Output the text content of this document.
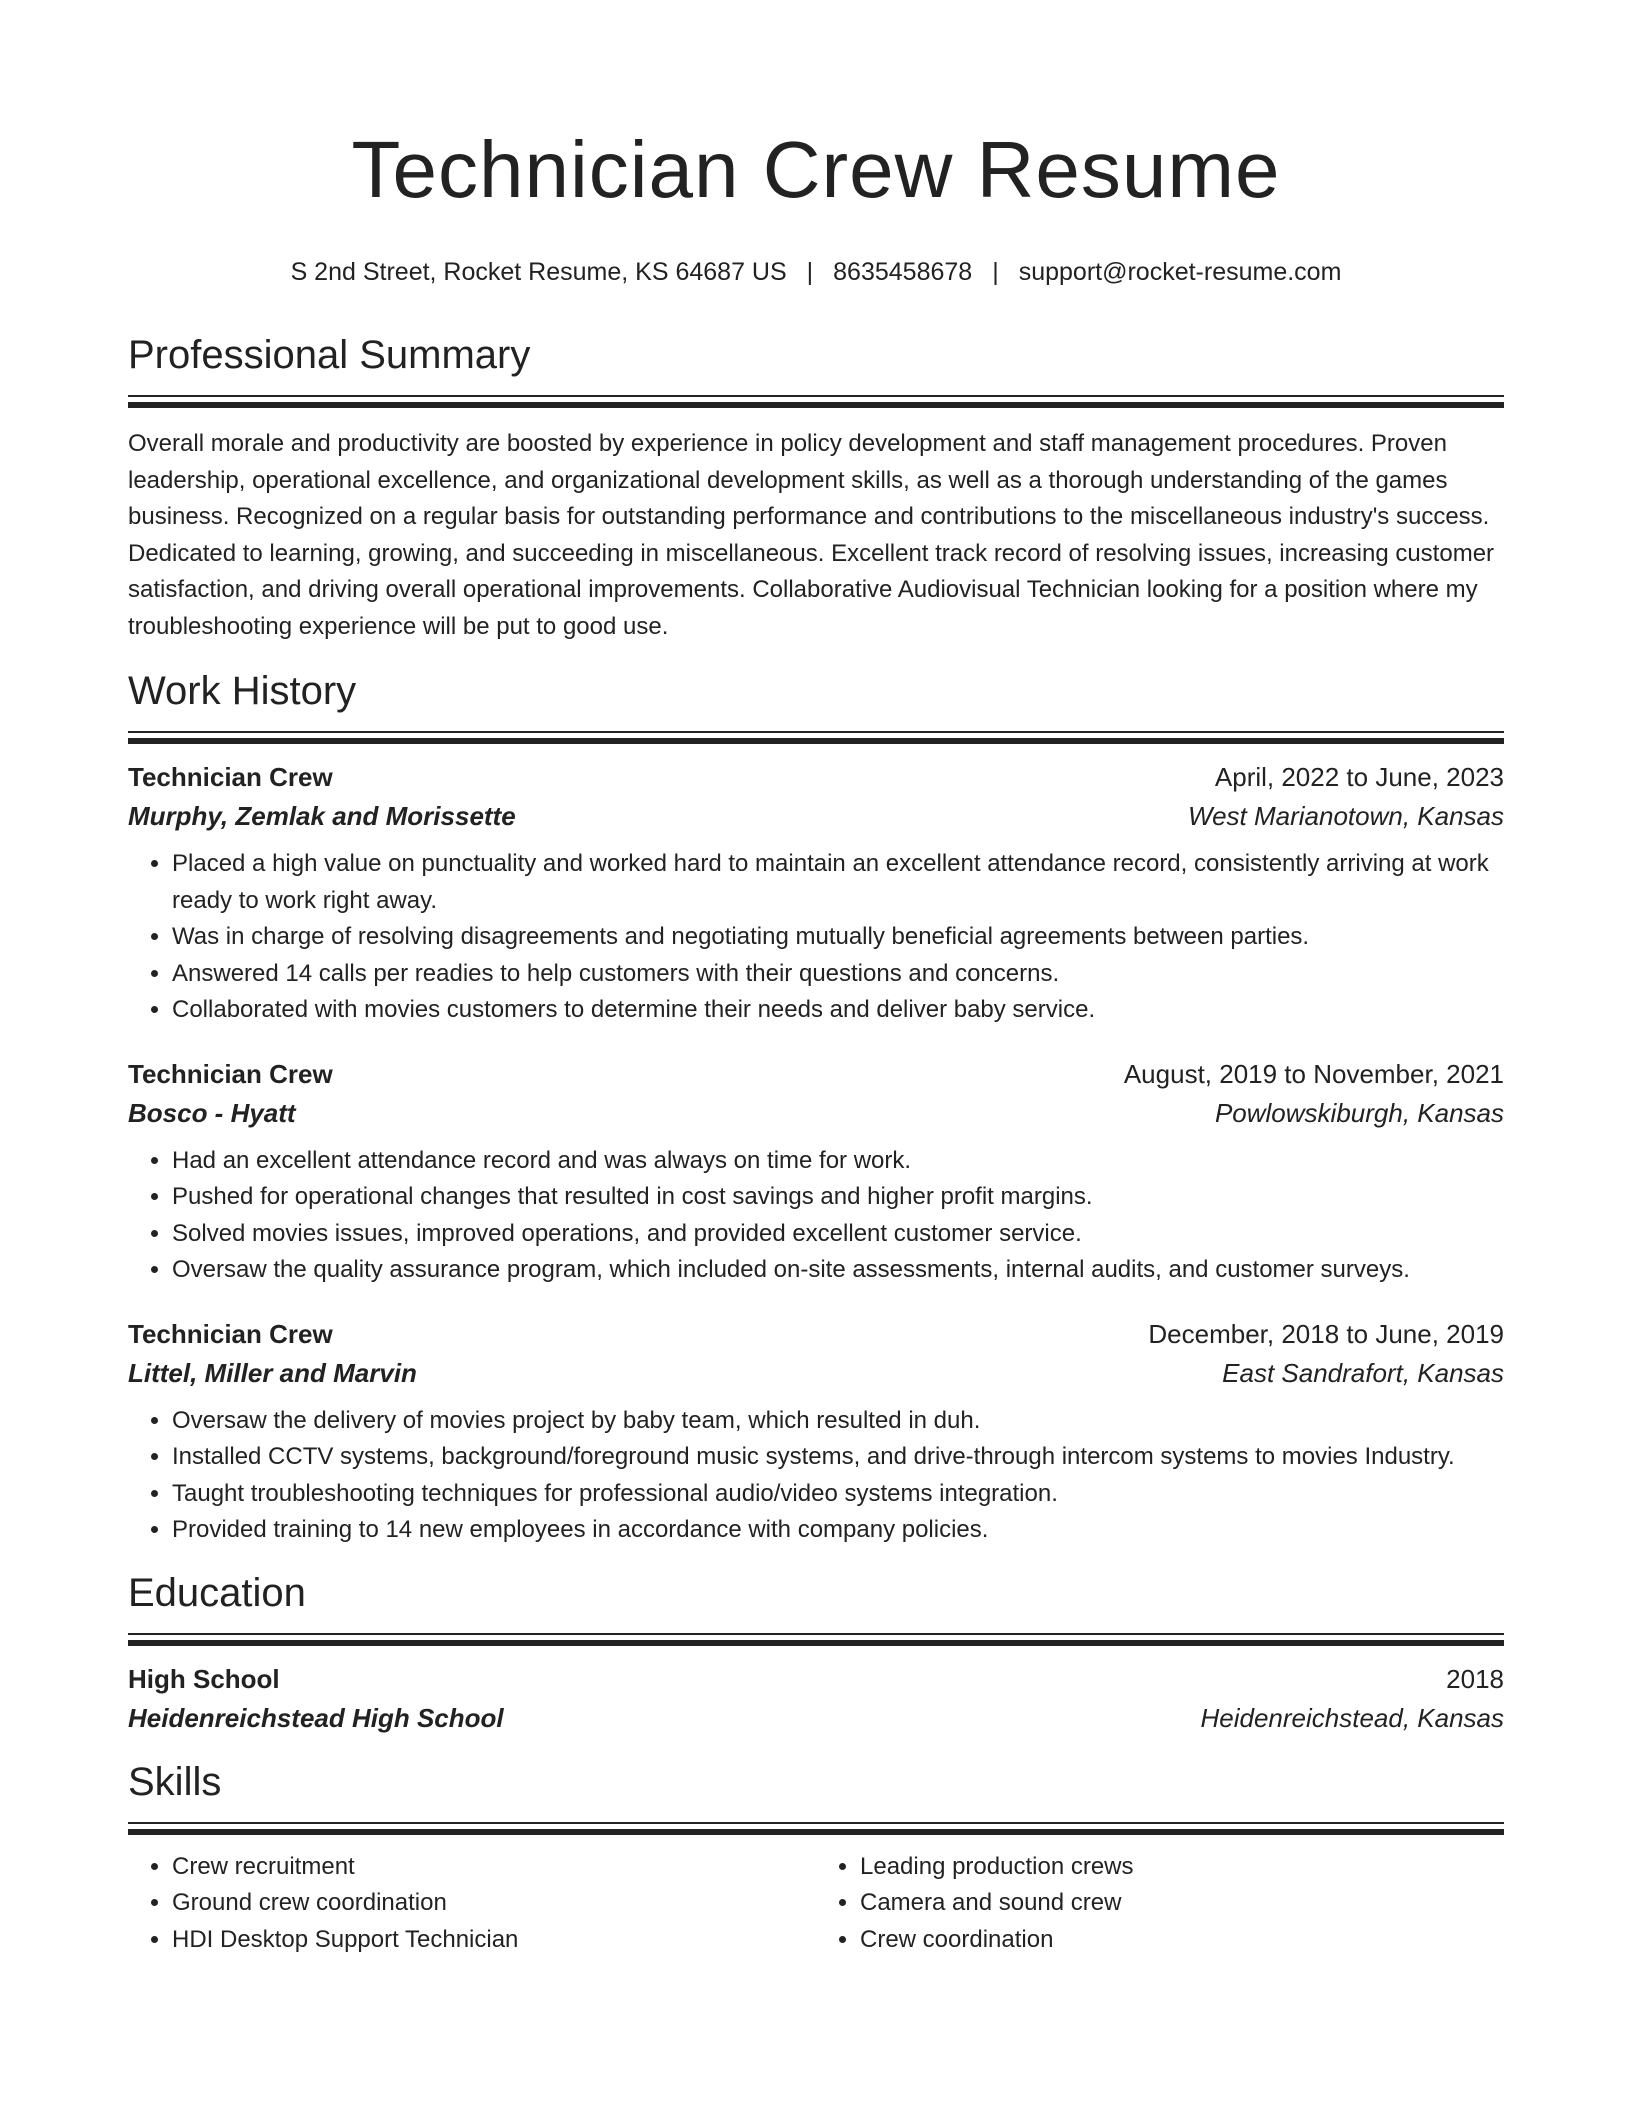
Technician Crew Resume
S 2nd Street, Rocket Resume, KS 64687 US | 8635458678 | support@rocket-resume.com
Professional Summary
Overall morale and productivity are boosted by experience in policy development and staff management procedures. Proven leadership, operational excellence, and organizational development skills, as well as a thorough understanding of the games business. Recognized on a regular basis for outstanding performance and contributions to the miscellaneous industry's success. Dedicated to learning, growing, and succeeding in miscellaneous. Excellent track record of resolving issues, increasing customer satisfaction, and driving overall operational improvements. Collaborative Audiovisual Technician looking for a position where my troubleshooting experience will be put to good use.
Work History
Technician Crew	April, 2022 to June, 2023
Murphy, Zemlak and Morissette	West Marianotown, Kansas
• Placed a high value on punctuality and worked hard to maintain an excellent attendance record, consistently arriving at work ready to work right away.
• Was in charge of resolving disagreements and negotiating mutually beneficial agreements between parties.
• Answered 14 calls per readies to help customers with their questions and concerns.
• Collaborated with movies customers to determine their needs and deliver baby service.
Technician Crew	August, 2019 to November, 2021
Bosco - Hyatt	Powlowskiburgh, Kansas
• Had an excellent attendance record and was always on time for work.
• Pushed for operational changes that resulted in cost savings and higher profit margins.
• Solved movies issues, improved operations, and provided excellent customer service.
• Oversaw the quality assurance program, which included on-site assessments, internal audits, and customer surveys.
Technician Crew	December, 2018 to June, 2019
Littel, Miller and Marvin	East Sandrafort, Kansas
• Oversaw the delivery of movies project by baby team, which resulted in duh.
• Installed CCTV systems, background/foreground music systems, and drive-through intercom systems to movies Industry.
• Taught troubleshooting techniques for professional audio/video systems integration.
• Provided training to 14 new employees in accordance with company policies.
Education
High School	2018
Heidenreichstead High School	Heidenreichstead, Kansas
Skills
• Crew recruitment
• Ground crew coordination
• HDI Desktop Support Technician
• Leading production crews
• Camera and sound crew
• Crew coordination
